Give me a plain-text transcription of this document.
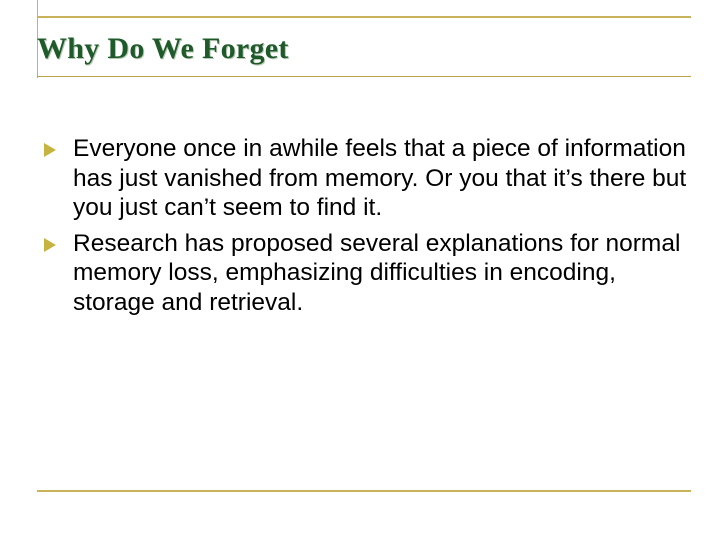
Why Do We Forget
Everyone once in awhile feels that a piece of information has just vanished from memory. Or you that it’s there but you just can’t seem to find it.
Research has proposed several explanations for normal memory loss, emphasizing difficulties in encoding, storage and retrieval.
